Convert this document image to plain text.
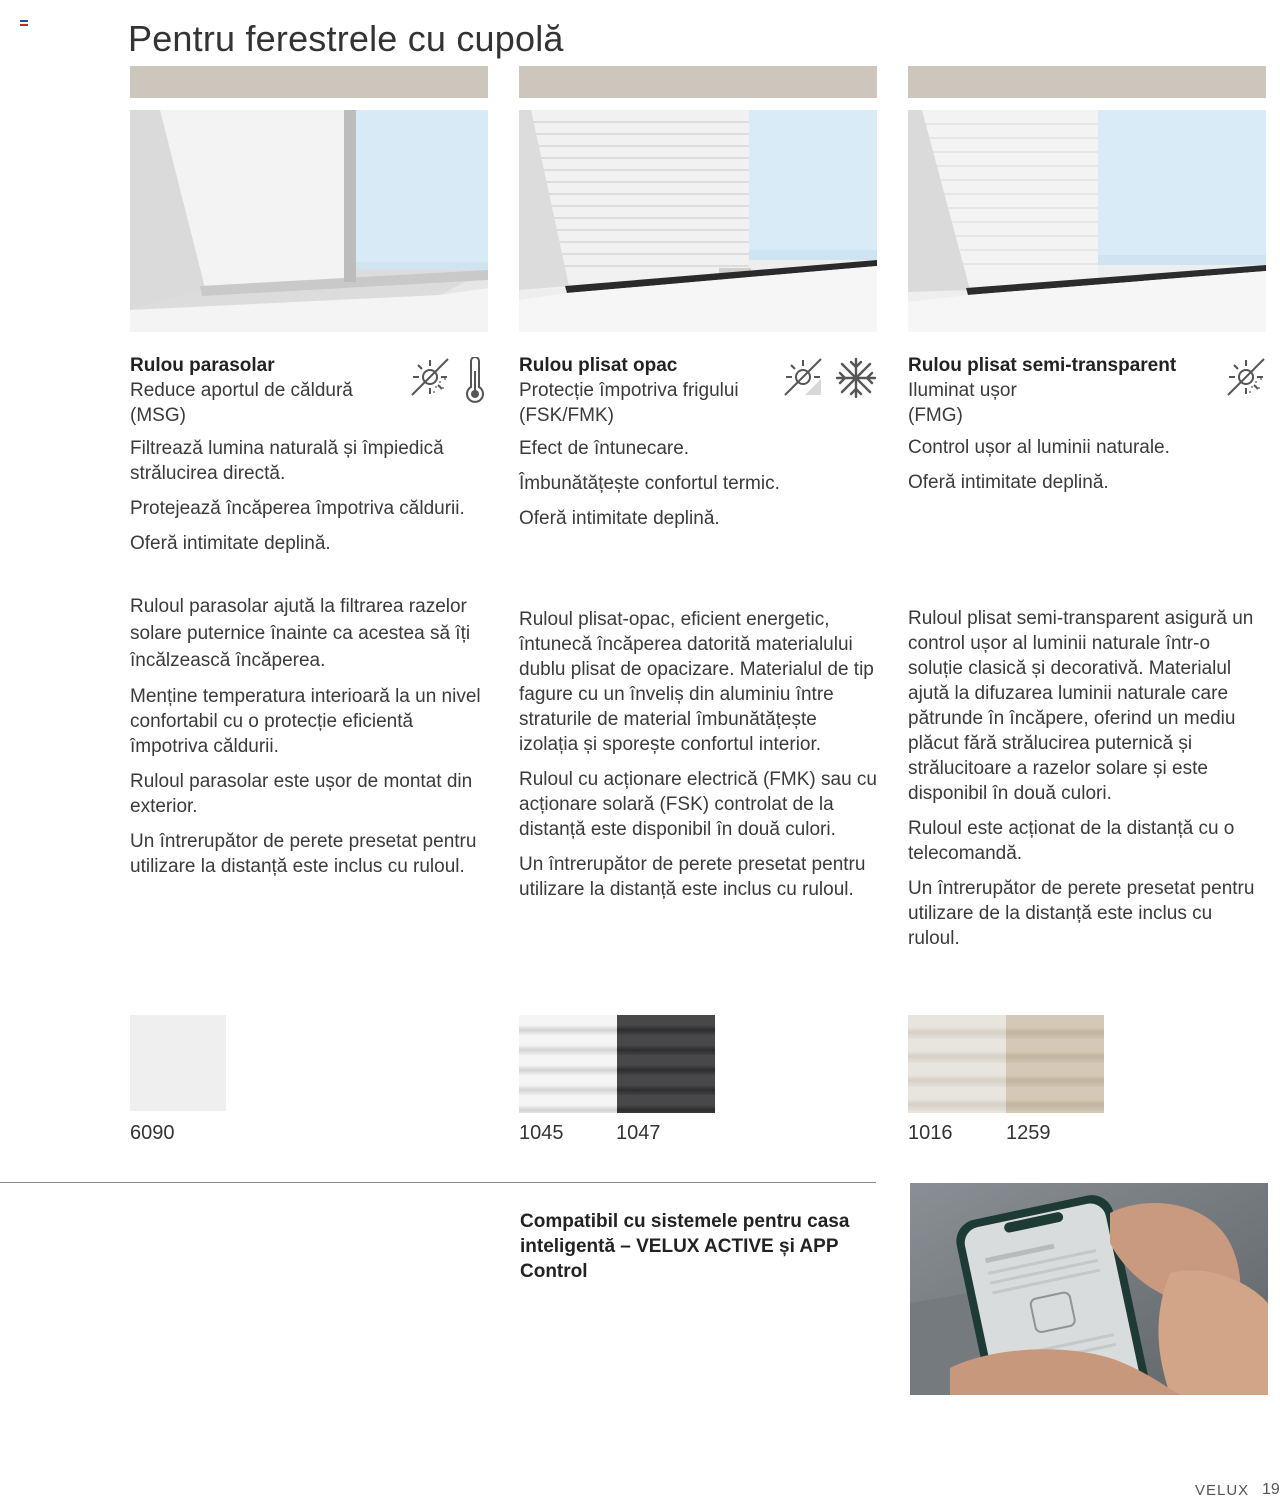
Pentru ferestrele cu cupolă
Rulou parasolar
Reduce aportul de căldură
(MSG)

Filtrează lumina naturală și împiedică strălucirea directă.

Protejează încăperea împotriva căldurii.

Oferă intimitate deplină.

Ruloul parasolar ajută la filtrarea razelor solare puternice înainte ca acestea să îți încălzească încăperea.

Menține temperatura interioară la un nivel confortabil cu o protecție eficientă împotriva căldurii.

Ruloul parasolar este ușor de montat din exterior.

Un întrerupător de perete presetat pentru utilizare la distanță este inclus cu ruloul.

Rulou plisat opac
Protecție împotriva frigului
(FSK/FMK)

Efect de întunecare.

Îmbunătățește confortul termic.

Oferă intimitate deplină.

Ruloul plisat-opac, eficient energetic, întunecă încăperea datorită materialului dublu plisat de opacizare. Materialul de tip fagure cu un înveliș din aluminiu între straturile de material îmbunătățește izolația și sporește confortul interior.

Ruloul cu acționare electrică (FMK) sau cu acționare solară (FSK) controlat de la distanță este disponibil în două culori.

Un întrerupător de perete presetat pentru utilizare la distanță este inclus cu ruloul.

Rulou plisat semi-transparent
Iluminat ușor
(FMG)

Control ușor al luminii naturale.

Oferă intimitate deplină.

Ruloul plisat semi-transparent asigură un control ușor al luminii naturale într-o soluție clasică și decorativă. Materialul ajută la difuzarea luminii naturale care pătrunde în încăpere, oferind un mediu plăcut fără strălucirea puternică și strălucitoare a razelor solare și este disponibil în două culori.

Ruloul este acționat de la distanță cu o telecomandă.

Un întrerupător de perete presetat pentru utilizare de la distanță este inclus cu ruloul.

6090	1045	1047	1016	1259
Compatibil cu sistemele pentru casa inteligentă – VELUX ACTIVE și APP Control
VELUX 19
